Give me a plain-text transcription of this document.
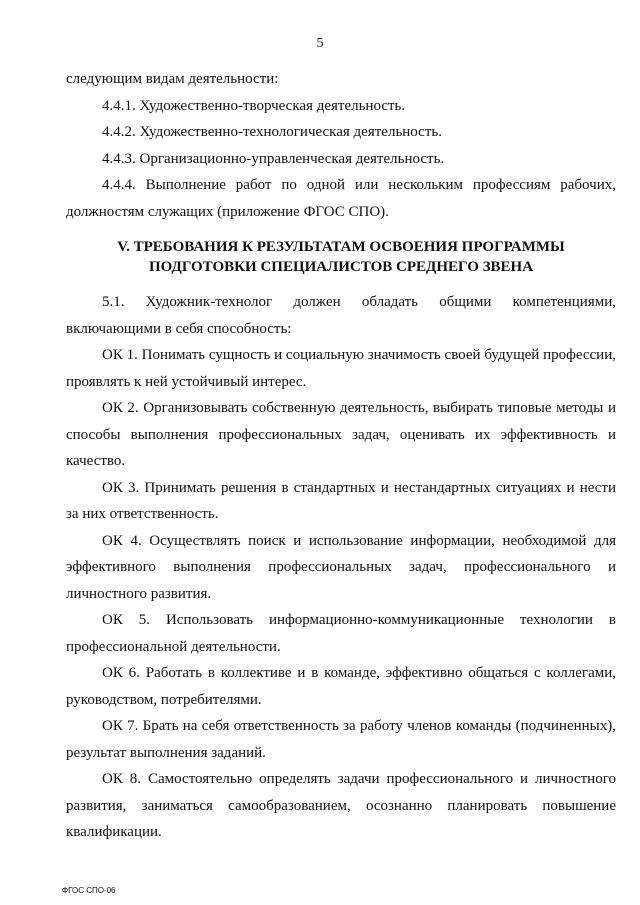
5

следующим видам деятельности:

4.4.1. Художественно-творческая деятельность.

4.4.2. Художественно-технологическая деятельность.

4.4.3. Организационно-управленческая деятельность.

4.4.4. Выполнение работ по одной или нескольким профессиям рабочих, должностям служащих (приложение ФГОС СПО).

V. ТРЕБОВАНИЯ К РЕЗУЛЬТАТАМ ОСВОЕНИЯ ПРОГРАММЫ
ПОДГОТОВКИ СПЕЦИАЛИСТОВ СРЕДНЕГО ЗВЕНА

5.1. Художник-технолог должен обладать общими компетенциями, включающими в себя способность:

ОК 1. Понимать сущность и социальную значимость своей будущей профессии, проявлять к ней устойчивый интерес.

ОК 2. Организовывать собственную деятельность, выбирать типовые методы и способы выполнения профессиональных задач, оценивать их эффективность и качество.

ОК 3. Принимать решения в стандартных и нестандартных ситуациях и нести за них ответственность.

ОК 4. Осуществлять поиск и использование информации, необходимой для эффективного выполнения профессиональных задач, профессионального и личностного развития.

ОК 5. Использовать информационно-коммуникационные технологии в профессиональной деятельности.

ОК 6. Работать в коллективе и в команде, эффективно общаться с коллегами, руководством, потребителями.

ОК 7. Брать на себя ответственность за работу членов команды (подчиненных), результат выполнения заданий.

ОК 8. Самостоятельно определять задачи профессионального и личностного развития, заниматься самообразованием, осознанно планировать повышение квалификации.

ФГОС СПО-06
